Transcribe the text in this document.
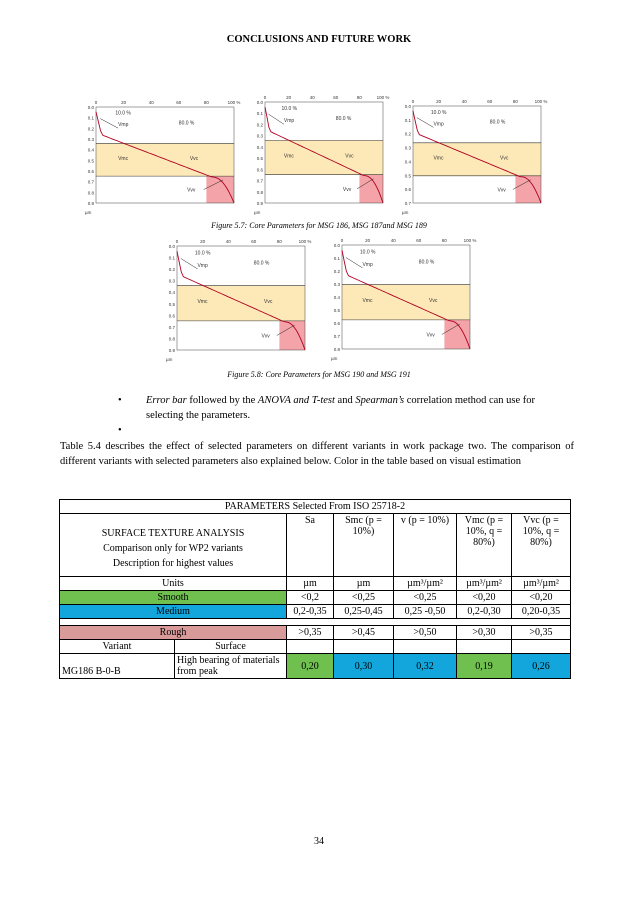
CONCLUSIONS AND FUTURE WORK
0	20	40	60	80	100 %
0.0
0.1
0.2
0.3
0.4
0.5
0.6
0.7
0.8
0.9
µm
10.0 %
80.0 %
Vmp
Vmc	Vvc
Vvv
0	20	40	60	80	100 %
0.0
0.1
0.2
0.3
0.4
0.5
0.6
0.7
0.8
0.9
µm
10.0 %
80.0 %
Vmp
Vmc	Vvc
Vvv
0	20	40	60	80	100 %
0.0
0.1
0.2
0.3
0.4
0.5
0.6
0.7
µm
10.0 %
80.0 %
Vmp
Vmc	Vvc
Vvv
Figure 5.7: Core Parameters for MSG 186, MSG 187and MSG 189
0	20	40	60	80	100 %
0.0
0.1
0.2
0.3
0.4
0.5
0.6
0.7
0.8
0.9
µm
10.0 %
80.0 %
Vmp
Vmc	Vvc
Vvv
0	20	40	60	80	100 %
0.0
0.1
0.2
0.3
0.4
0.5
0.6
0.7
0.8
µm
10.0 %
80.0 %
Vmp
Vmc	Vvc
Vvv
Figure 5.8: Core Parameters for MSG 190 and MSG 191
• Error bar followed by the ANOVA and T-test and Spearman’s correlation method can use for selecting the parameters.
•
Table 5.4 describes the effect of selected parameters on different variants in work package two. The comparison of different variants with selected parameters also explained below. Color in the table based on visual estimation
PARAMETERS Selected From ISO 25718-2						

SURFACE TEXTURE ANALYSIS
Comparison only for WP2 variants
Description for highest values		Sa	Smc (p = 10%)	v (p = 10%)	Vmc (p = 10%, q = 80%)	Vvc (p = 10%, q = 80%)
Units		µm	µm	µm³/µm²	µm³/µm²	µm³/µm²
Smooth		<0,2	<0,25	<0,25	<0,20	<0,20
Medium		0,2-0,35	0,25-0,45	0,25 -0,50	0,2-0,30	0,20-0,35

Rough		>0,35	>0,45	>0,50	>0,30	>0,35
Variant	Surface					
MG186 B-0-B	High bearing of materials from peak	0,20	0,30	0,32	0,19	0,26
34
